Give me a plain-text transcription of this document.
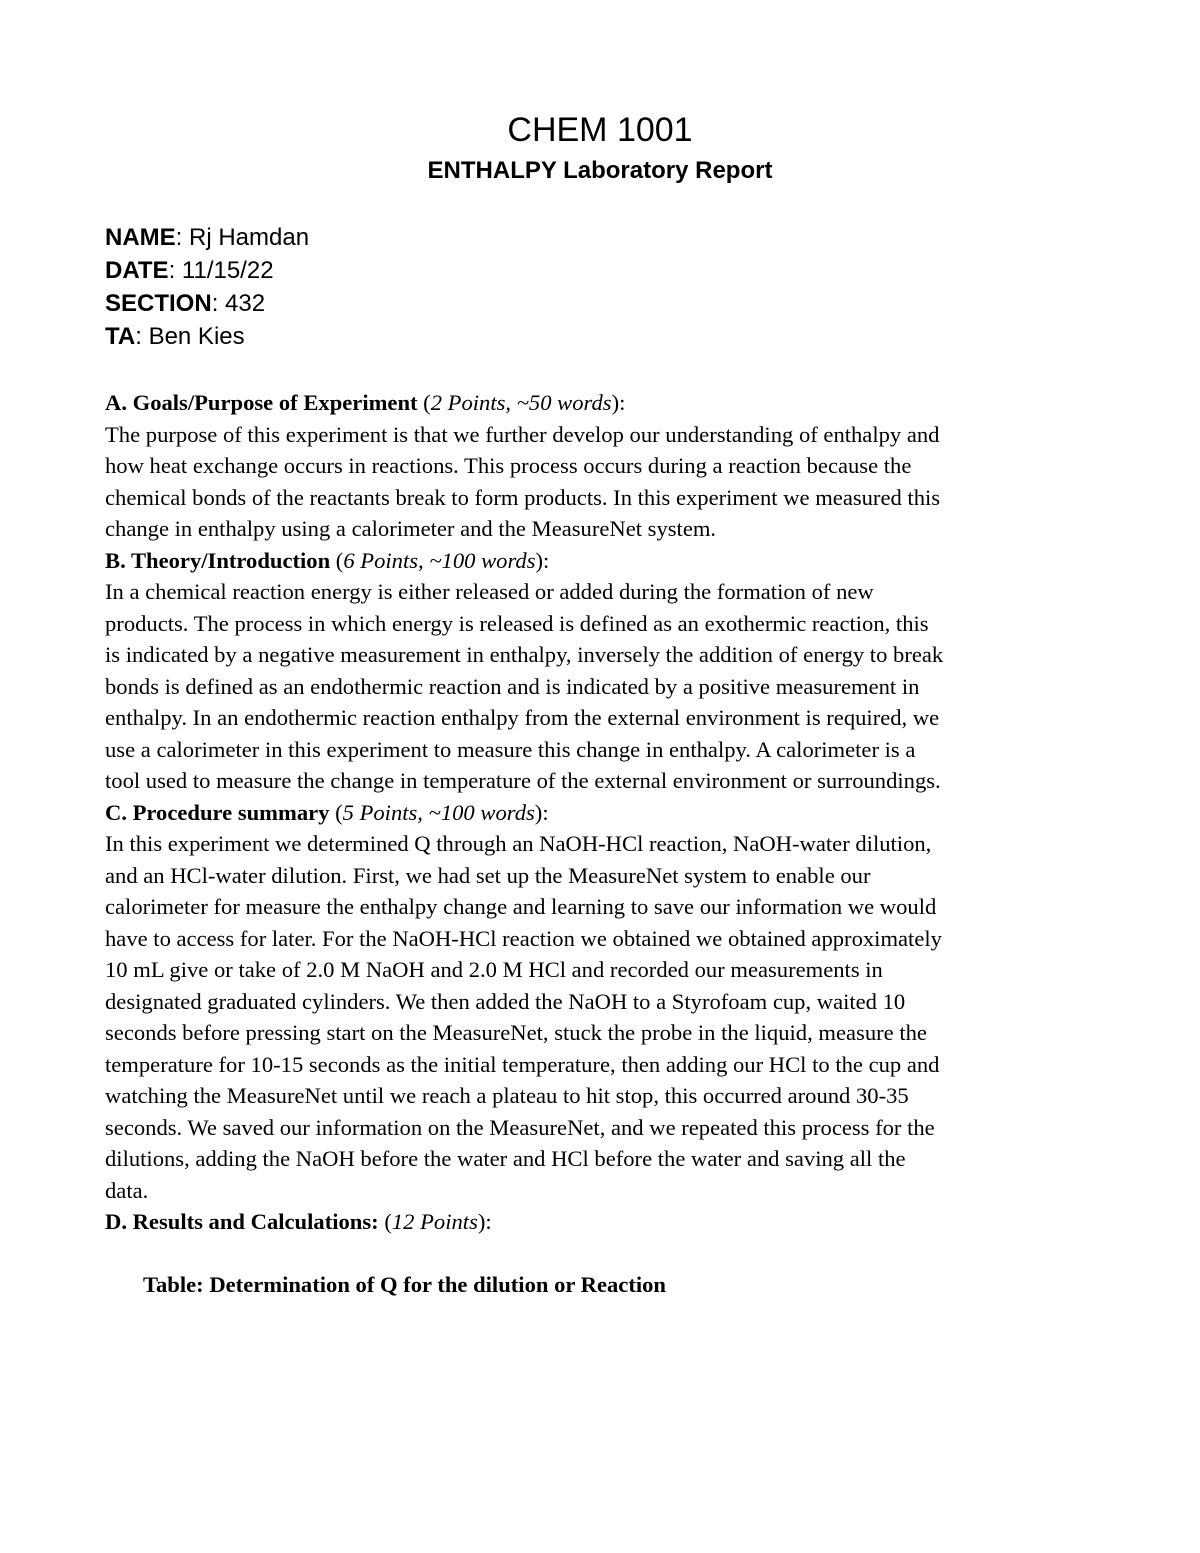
CHEM 1001
ENTHALPY Laboratory Report
NAME: Rj Hamdan
DATE: 11/15/22
SECTION: 432
TA: Ben Kies
A. Goals/Purpose of Experiment (2 Points, ~50 words):
The purpose of this experiment is that we further develop our understanding of enthalpy and
how heat exchange occurs in reactions. This process occurs during a reaction because the
chemical bonds of the reactants break to form products. In this experiment we measured this
change in enthalpy using a calorimeter and the MeasureNet system.
B. Theory/Introduction (6 Points, ~100 words):
In a chemical reaction energy is either released or added during the formation of new
products. The process in which energy is released is defined as an exothermic reaction, this
is indicated by a negative measurement in enthalpy, inversely the addition of energy to break
bonds is defined as an endothermic reaction and is indicated by a positive measurement in
enthalpy. In an endothermic reaction enthalpy from the external environment is required, we
use a calorimeter in this experiment to measure this change in enthalpy. A calorimeter is a
tool used to measure the change in temperature of the external environment or surroundings.
C. Procedure summary (5 Points, ~100 words):
In this experiment we determined Q through an NaOH-HCl reaction, NaOH-water dilution,
and an HCl-water dilution. First, we had set up the MeasureNet system to enable our
calorimeter for measure the enthalpy change and learning to save our information we would
have to access for later. For the NaOH-HCl reaction we obtained we obtained approximately
10 mL give or take of 2.0 M NaOH and 2.0 M HCl and recorded our measurements in
designated graduated cylinders. We then added the NaOH to a Styrofoam cup, waited 10
seconds before pressing start on the MeasureNet, stuck the probe in the liquid, measure the
temperature for 10-15 seconds as the initial temperature, then adding our HCl to the cup and
watching the MeasureNet until we reach a plateau to hit stop, this occurred around 30-35
seconds. We saved our information on the MeasureNet, and we repeated this process for the
dilutions, adding the NaOH before the water and HCl before the water and saving all the
data.
D. Results and Calculations: (12 Points):
Table: Determination of Q for the dilution or Reaction
